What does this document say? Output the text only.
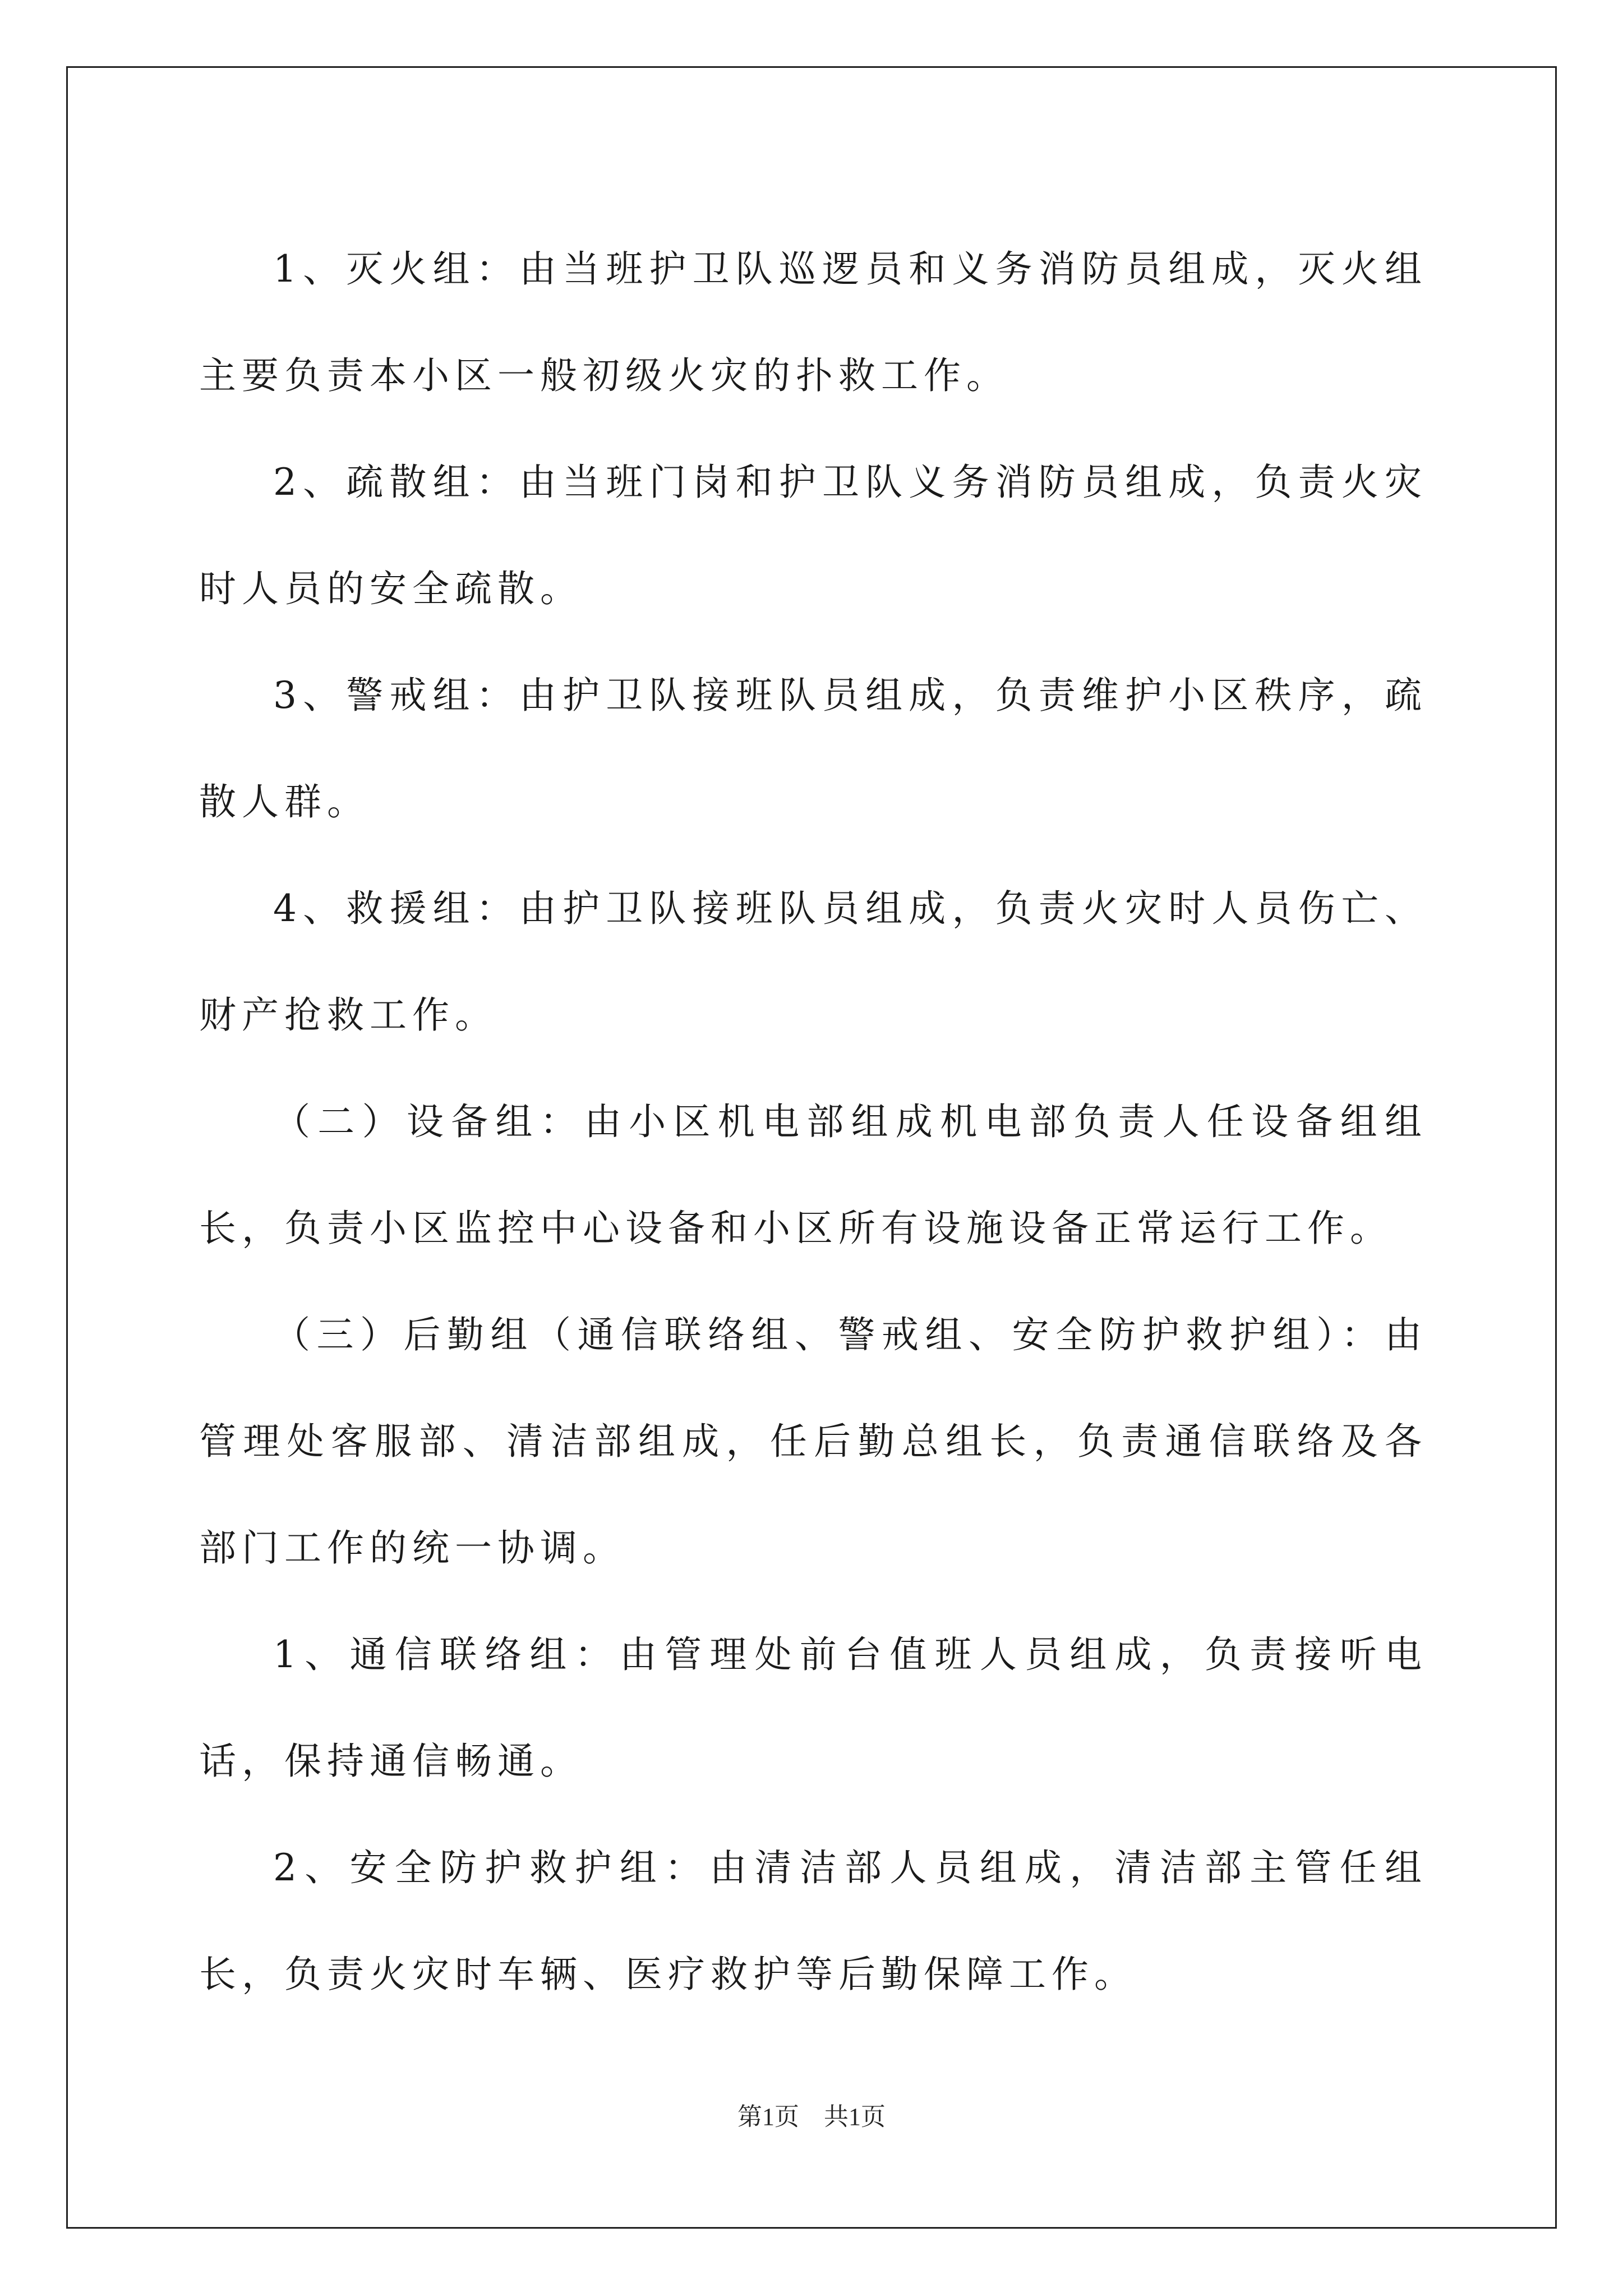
1、灭火组：由当班护卫队巡逻员和义务消防员组成，灭火组主要负责本小区一般初级火灾的扑救工作。

2、疏散组：由当班门岗和护卫队义务消防员组成，负责火灾时人员的安全疏散。

3、警戒组：由护卫队接班队员组成，负责维护小区秩序，疏散人群。

4、救援组：由护卫队接班队员组成，负责火灾时人员伤亡、财产抢救工作。

（二）设备组：由小区机电部组成机电部负责人任设备组组长，负责小区监控中心设备和小区所有设施设备正常运行工作。

（三）后勤组（通信联络组、警戒组、安全防护救护组）：由管理处客服部、清洁部组成，任后勤总组长，负责通信联络及各部门工作的统一协调。

1、通信联络组：由管理处前台值班人员组成，负责接听电话，保持通信畅通。

2、安全防护救护组：由清洁部人员组成，清洁部主管任组长，负责火灾时车辆、医疗救护等后勤保障工作。

第1页 共1页
